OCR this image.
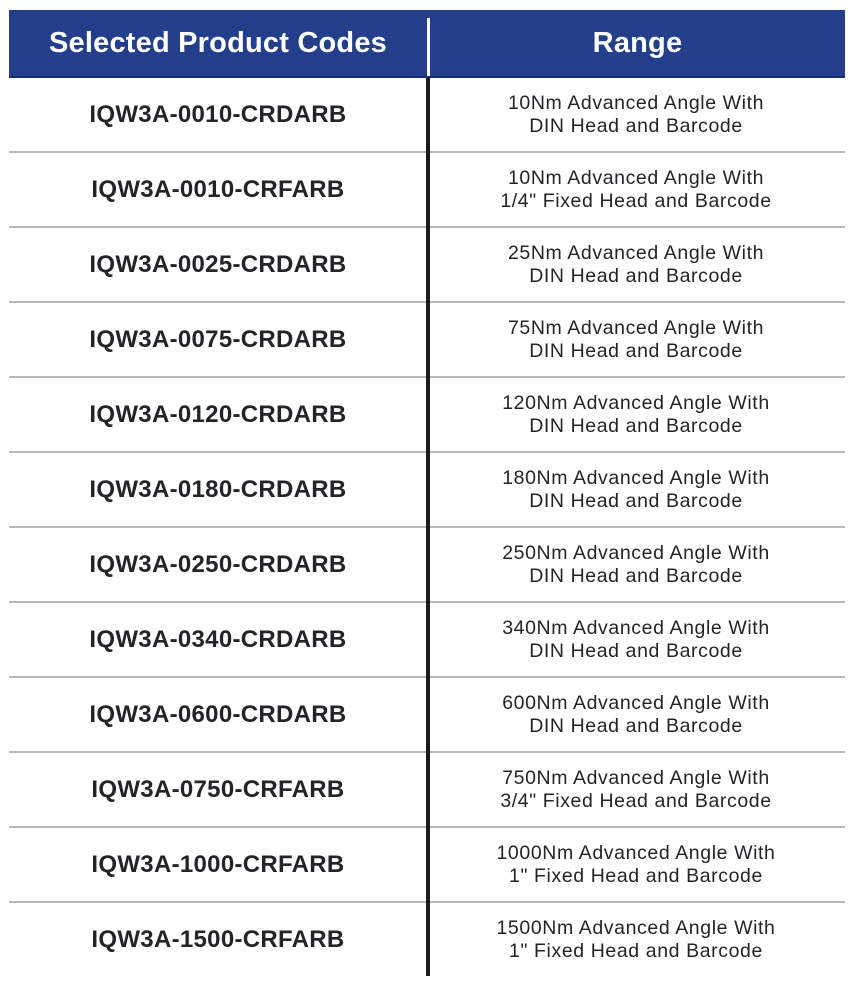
Selected Product Codes	Range
IQW3A-0010-CRDARB	10Nm Advanced Angle With
DIN Head and Barcode
IQW3A-0010-CRFARB	10Nm Advanced Angle With
1/4" Fixed Head and Barcode
IQW3A-0025-CRDARB	25Nm Advanced Angle With
DIN Head and Barcode
IQW3A-0075-CRDARB	75Nm Advanced Angle With
DIN Head and Barcode
IQW3A-0120-CRDARB	120Nm Advanced Angle With
DIN Head and Barcode
IQW3A-0180-CRDARB	180Nm Advanced Angle With
DIN Head and Barcode
IQW3A-0250-CRDARB	250Nm Advanced Angle With
DIN Head and Barcode
IQW3A-0340-CRDARB	340Nm Advanced Angle With
DIN Head and Barcode
IQW3A-0600-CRDARB	600Nm Advanced Angle With
DIN Head and Barcode
IQW3A-0750-CRFARB	750Nm Advanced Angle With
3/4" Fixed Head and Barcode
IQW3A-1000-CRFARB	1000Nm Advanced Angle With
1" Fixed Head and Barcode
IQW3A-1500-CRFARB	1500Nm Advanced Angle With
1" Fixed Head and Barcode
